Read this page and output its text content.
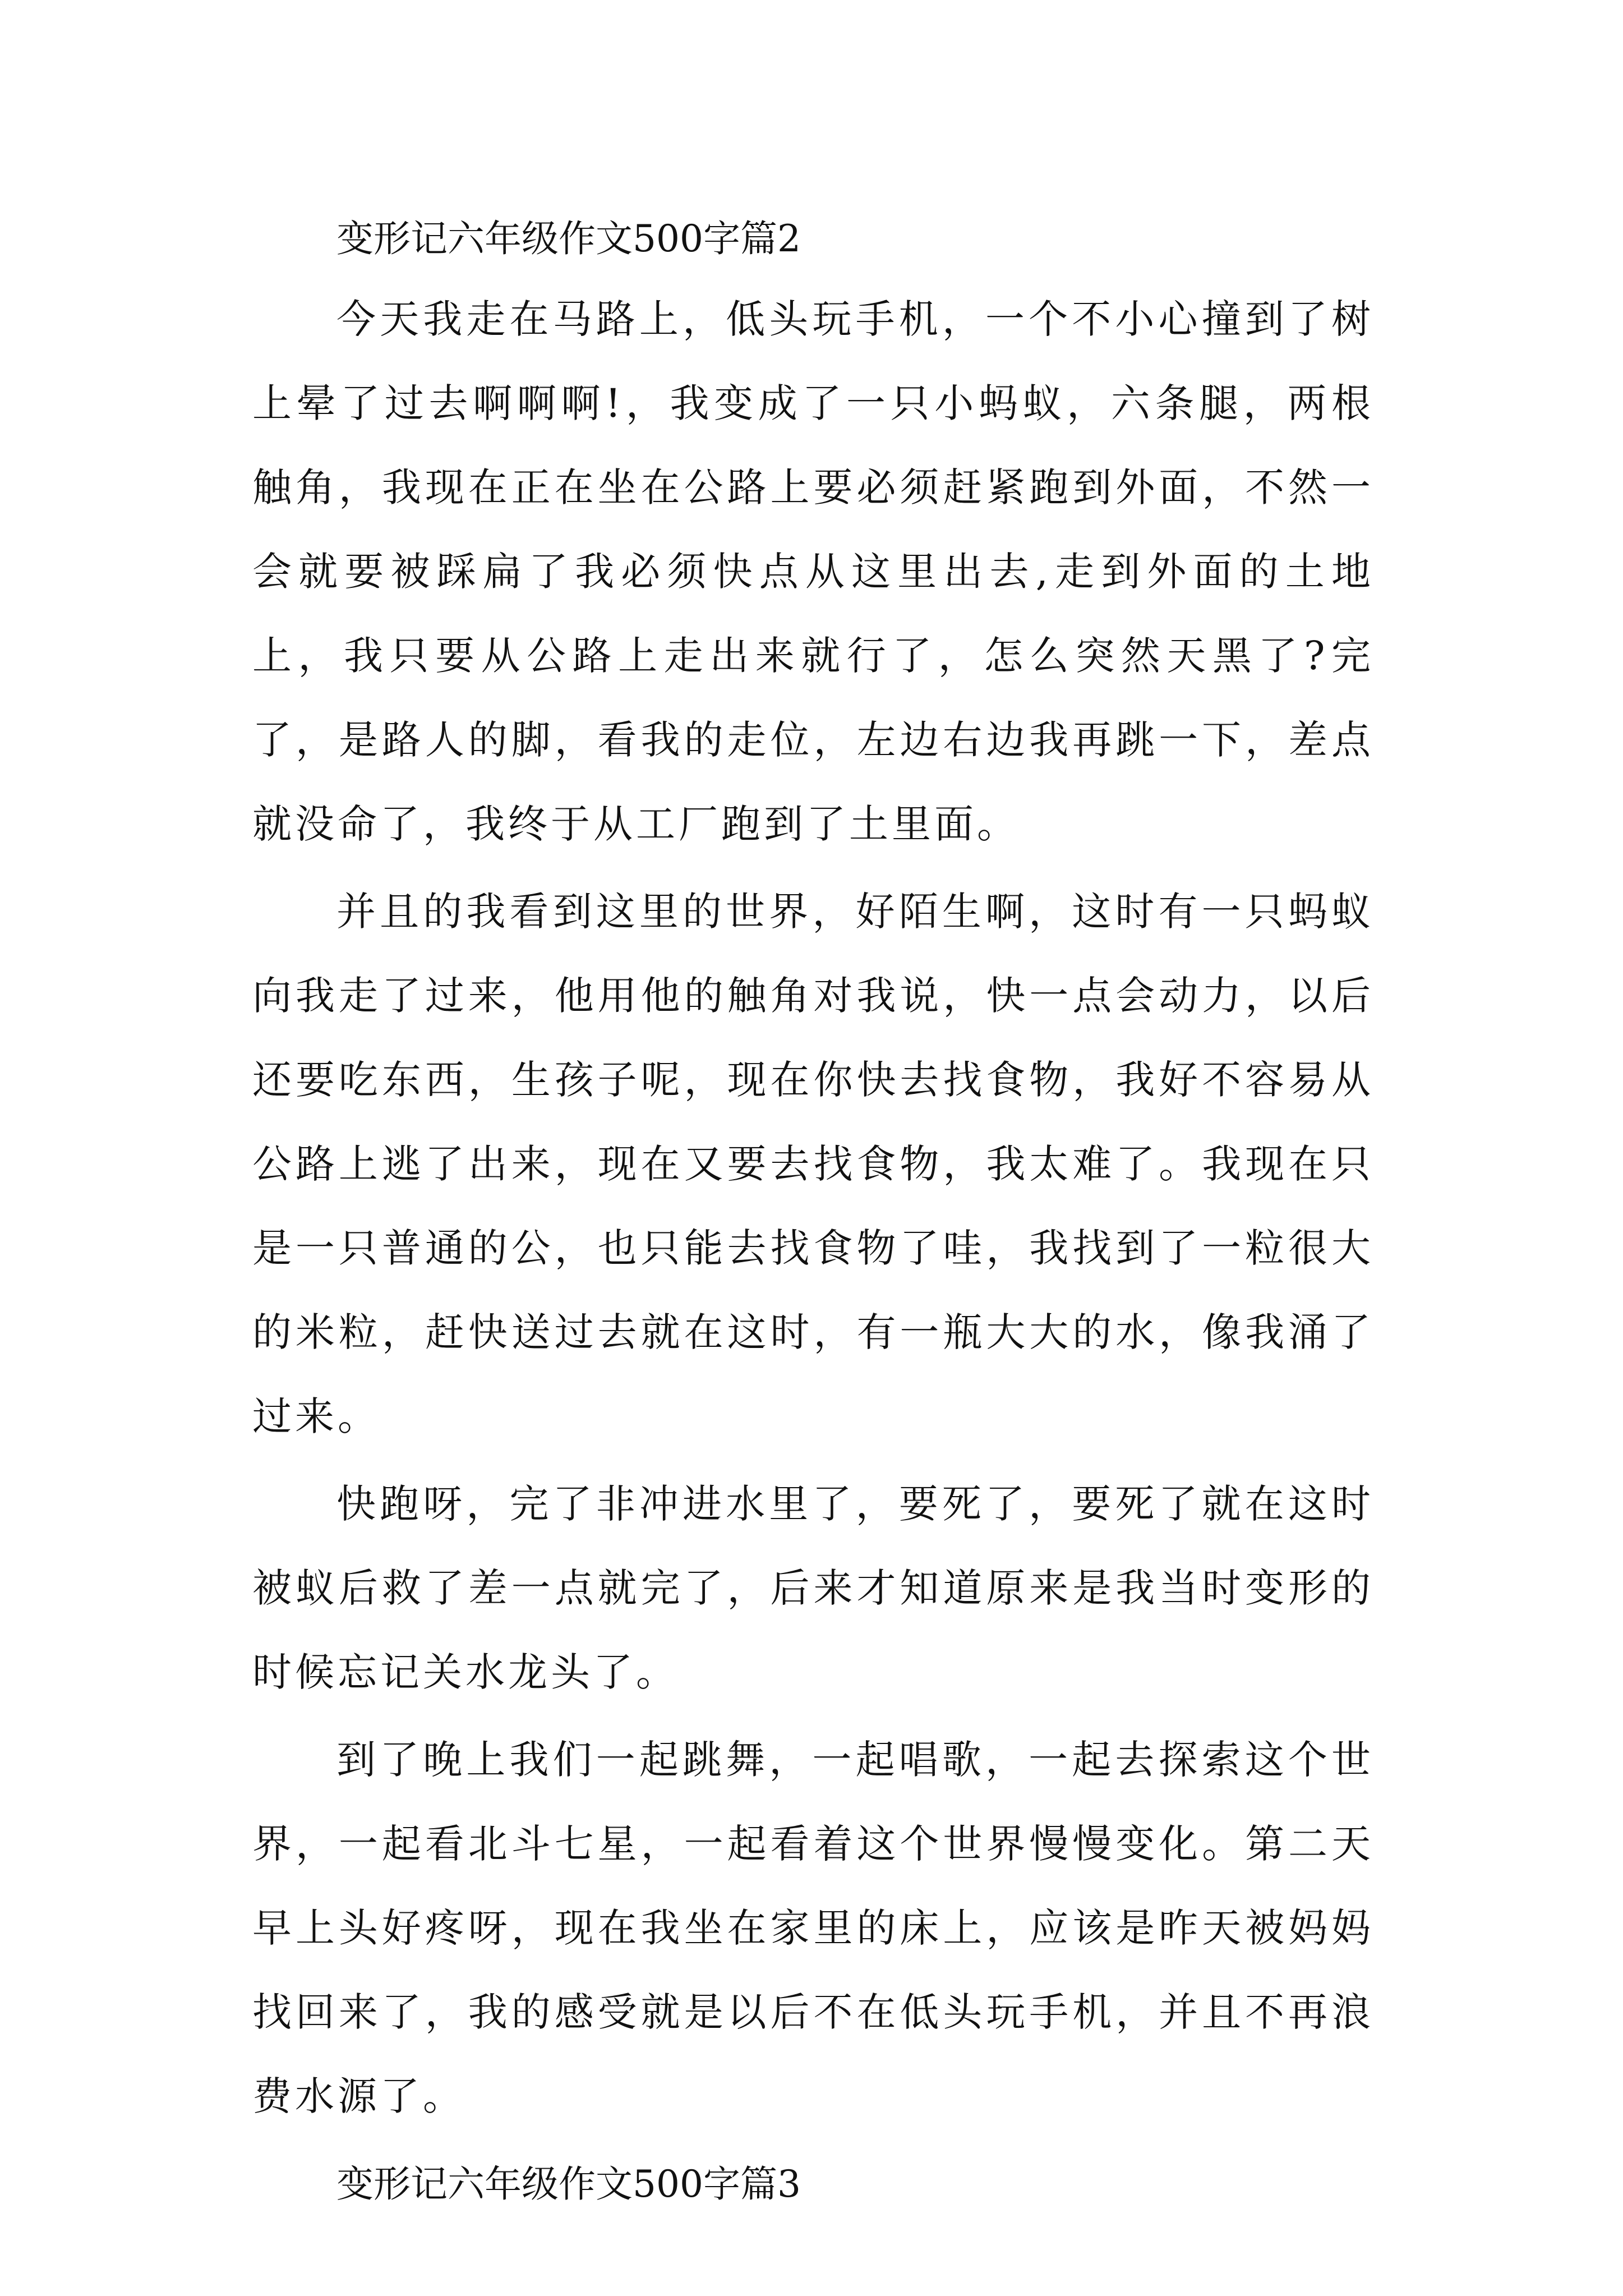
变形记六年级作文500字篇2

今天我走在马路上，低头玩手机，一个不小心撞到了树上晕了过去啊啊啊!，我变成了一只小蚂蚁，六条腿，两根触角，我现在正在坐在公路上要必须赶紧跑到外面，不然一会就要被踩扁了我必须快点从这里出去,走到外面的土地上，我只要从公路上走出来就行了，怎么突然天黑了?完了，是路人的脚，看我的走位，左边右边我再跳一下，差点就没命了，我终于从工厂跑到了土里面。

并且的我看到这里的世界，好陌生啊，这时有一只蚂蚁向我走了过来，他用他的触角对我说，快一点会动力，以后还要吃东西，生孩子呢，现在你快去找食物，我好不容易从公路上逃了出来，现在又要去找食物，我太难了。我现在只是一只普通的公，也只能去找食物了哇，我找到了一粒很大的米粒，赶快送过去就在这时，有一瓶大大的水，像我涌了过来。

快跑呀，完了非冲进水里了，要死了，要死了就在这时被蚁后救了差一点就完了，后来才知道原来是我当时变形的时候忘记关水龙头了。

到了晚上我们一起跳舞，一起唱歌，一起去探索这个世界，一起看北斗七星，一起看着这个世界慢慢变化。第二天早上头好疼呀，现在我坐在家里的床上，应该是昨天被妈妈找回来了，我的感受就是以后不在低头玩手机，并且不再浪费水源了。

变形记六年级作文500字篇3
